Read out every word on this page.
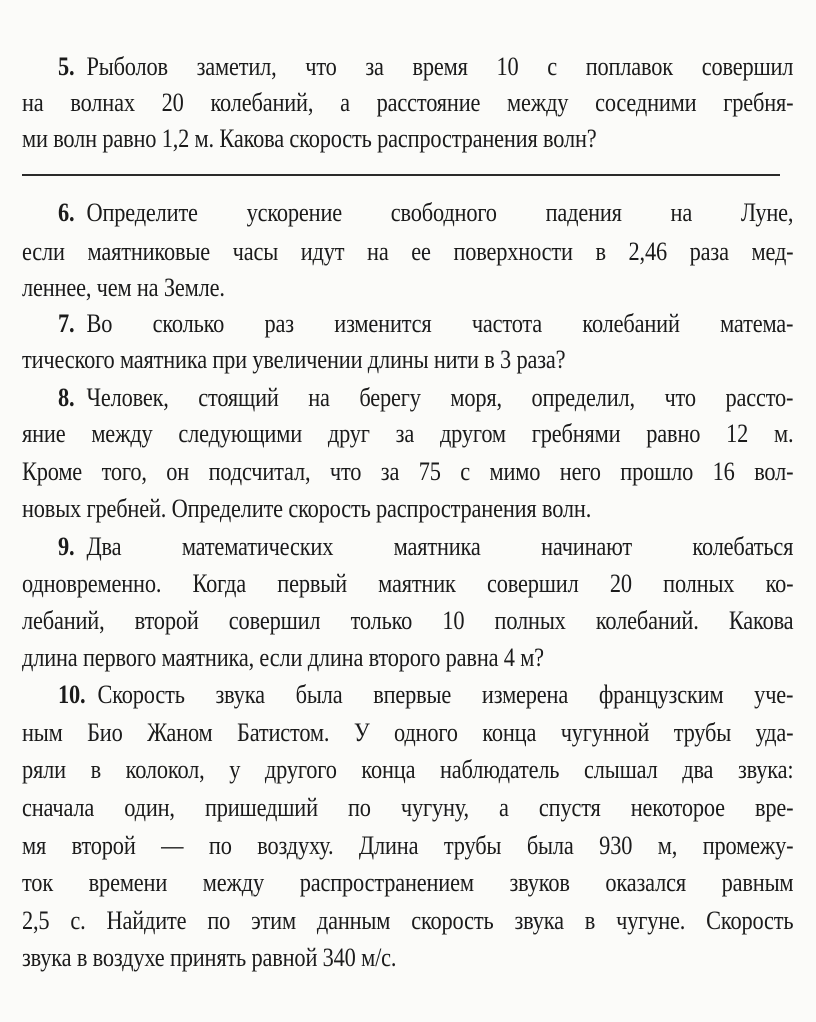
5. Рыболов заметил, что за время 10 с поплавок совершил
на волнах 20 колебаний, а расстояние между соседними гребня-
ми волн равно 1,2 м. Какова скорость распространения волн?
6. Определите ускорение свободного падения на Луне,
если маятниковые часы идут на ее поверхности в 2,46 раза мед-
леннее, чем на Земле.
7. Во сколько раз изменится частота колебаний матема-
тического маятника при увеличении длины нити в 3 раза?
8. Человек, стоящий на берегу моря, определил, что рассто-
яние между следующими друг за другом гребнями равно 12 м.
Кроме того, он подсчитал, что за 75 с мимо него прошло 16 вол-
новых гребней. Определите скорость распространения волн.
9. Два математических маятника начинают колебаться
одновременно. Когда первый маятник совершил 20 полных ко-
лебаний, второй совершил только 10 полных колебаний. Какова
длина первого маятника, если длина второго равна 4 м?
10. Скорость звука была впервые измерена французским уче-
ным Био Жаном Батистом. У одного конца чугунной трубы уда-
ряли в колокол, у другого конца наблюдатель слышал два звука:
сначала один, пришедший по чугуну, а спустя некоторое вре-
мя второй — по воздуху. Длина трубы была 930 м, промежу-
ток времени между распространением звуков оказался равным
2,5 с. Найдите по этим данным скорость звука в чугуне. Скорость
звука в воздухе принять равной 340 м/с.
